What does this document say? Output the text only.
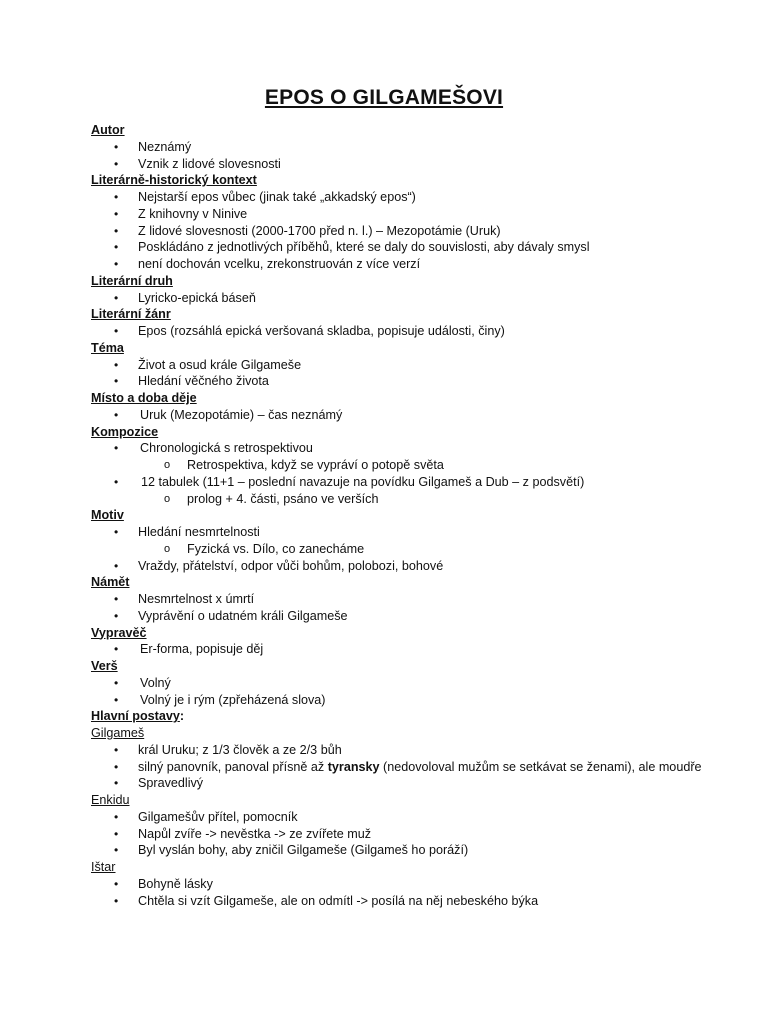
EPOS O GILGAMEŠOVI
Autor
• Neznámý
• Vznik z lidové slovesnosti
Literárně-historický kontext
• Nejstarší epos vůbec (jinak také „akkadský epos“)
• Z knihovny v Ninive
• Z lidové slovesnosti (2000-1700 před n. l.) – Mezopotámie (Uruk)
• Poskládáno z jednotlivých příběhů, které se daly do souvislosti, aby dávaly smysl
• není dochován vcelku, zrekonstruován z více verzí
Literární druh
• Lyricko-epická báseň
Literární žánr
• Epos (rozsáhlá epická veršovaná skladba, popisuje události, činy)
Téma
• Život a osud krále Gilgameše
• Hledání věčného života
Místo a doba děje
• Uruk (Mezopotámie) – čas neznámý
Kompozice
• Chronologická s retrospektivou
o Retrospektiva, když se vypráví o potopě světa
• 12 tabulek (11+1 – poslední navazuje na povídku Gilgameš a Dub – z podsvětí)
o prolog + 4. části, psáno ve verších
Motiv
• Hledání nesmrtelnosti
o Fyzická vs. Dílo, co zanecháme
• Vraždy, přátelství, odpor vůči bohům, polobozi, bohové
Námět
• Nesmrtelnost x úmrtí
• Vyprávění o udatném králi Gilgameše
Vypravěč
• Er-forma, popisuje děj
Verš
• Volný
• Volný je i rým (zpřeházená slova)
Hlavní postavy:
Gilgameš
• král Uruku; z 1/3 člověk a ze 2/3 bůh
• silný panovník, panoval přísně až tyransky (nedovoloval mužům se setkávat se ženami), ale moudře
• Spravedlivý
Enkidu
• Gilgamešův přítel, pomocník
• Napůl zvíře -> nevěstka -> ze zvířete muž
• Byl vyslán bohy, aby zničil Gilgameše (Gilgameš ho poráží)
Ištar
• Bohyně lásky
• Chtěla si vzít Gilgameše, ale on odmítl -> posílá na něj nebeského býka
